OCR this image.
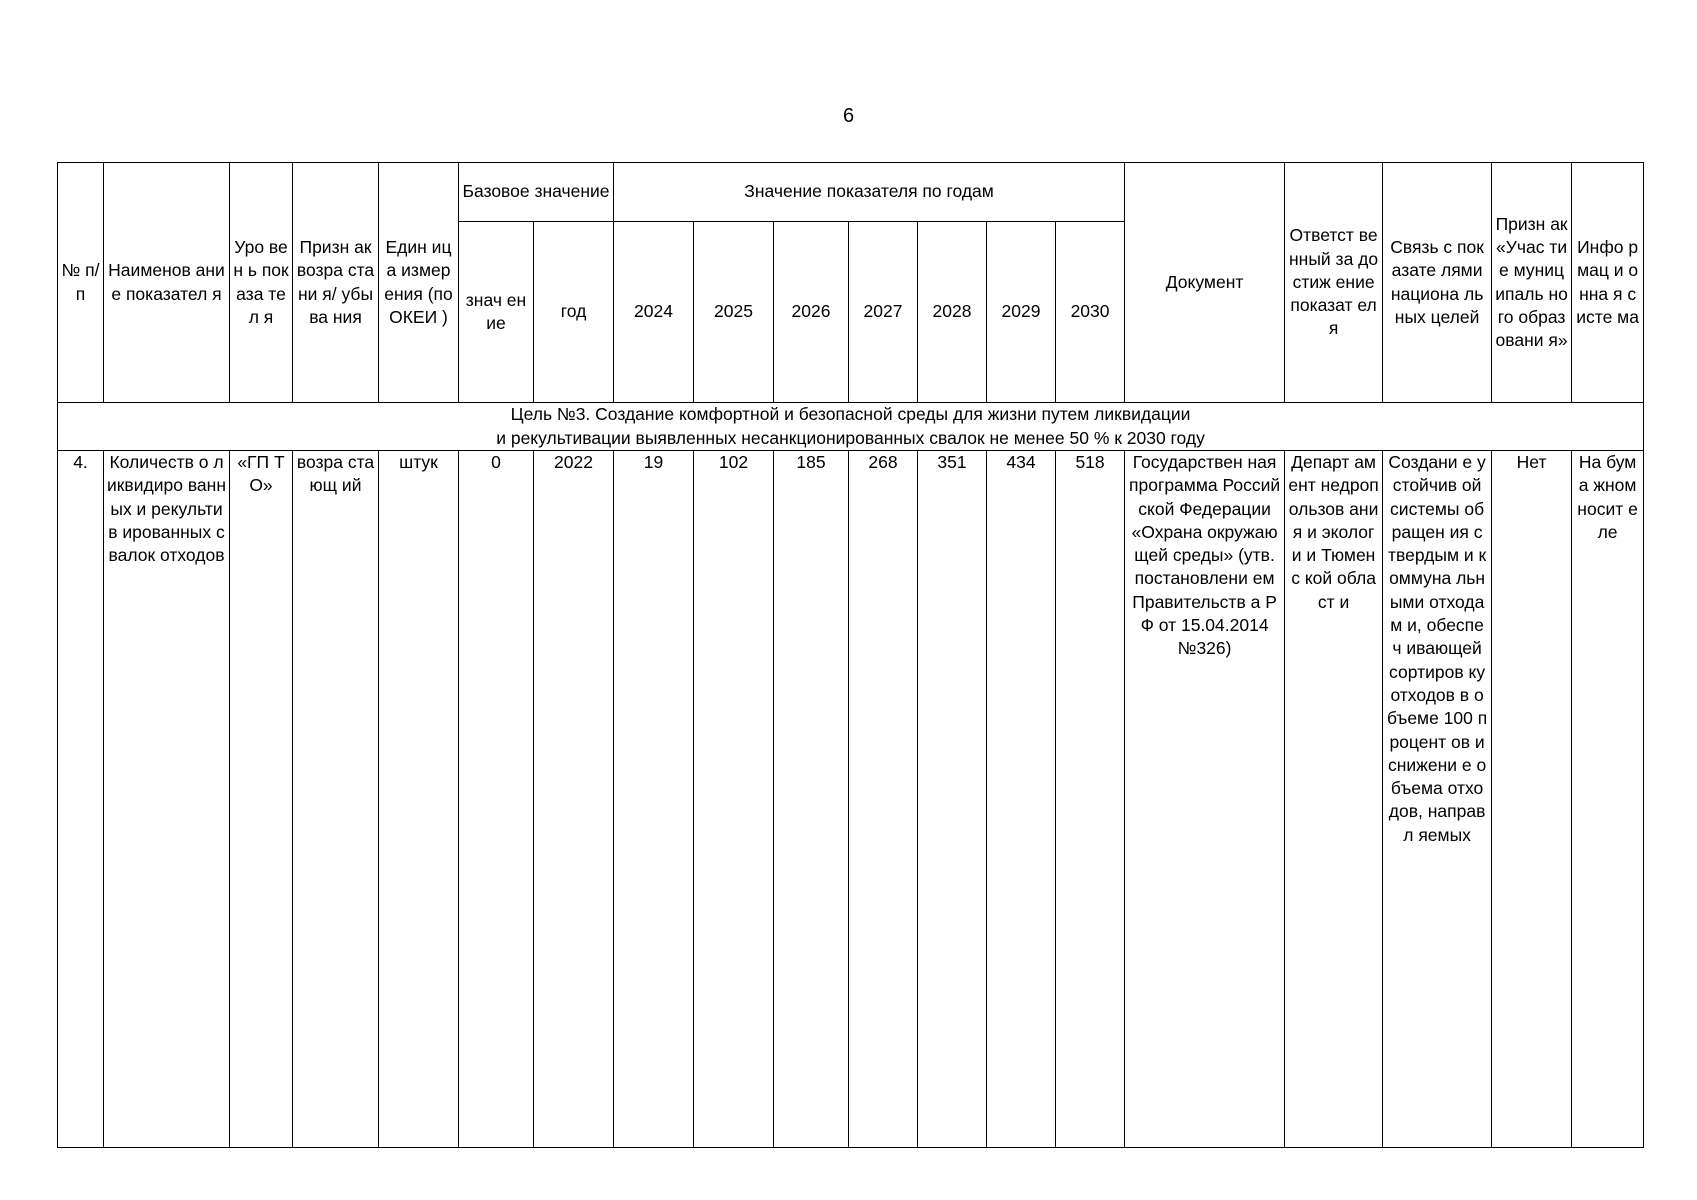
6
№ п/п	Наименов ание показател я	Уро вен ь пок аза тел я	Призн ак возра стани я/ убыва ния	Един ица измер ения (по ОКЕИ )	Базовое значение		Значение показателя по годам							Документ	Ответст венный за достиж ение показат еля	Связь с показате лями национа льных целей	Призн ак «Учас тие муниц ипаль ного образ овани я»	Инфо рмац и онна я систе ма
					знач ение	год	2024	2025	2026	2027	2028	2029	2030					

Цель №3. Создание комфортной и безопасной среды для жизни путем ликвидации
и рекультивации выявленных несанкционированных свалок не менее 50 % к 2030 году																		

4.	Количеств о ликвидиро ванных и рекультив ированных свалок отходов	«ГП ТО»	возра стающ ий	штук	0	2022	19	102	185	268	351	434	518	Государствен ная программа Российской Федерации «Охрана окружающей среды» (утв. постановлени ем Правительств а РФ от 15.04.2014 №326)	Департ амент недроп ользов ания и экологи и Тюменс кой област и	Создани е устойчив ой системы обращен ия с твердым и коммуна льными отходам и, обеспеч ивающей сортиров ку отходов в объеме 100 процент ов и снижени е объема отходов, направл яемых	Нет	На бума жном носит еле
